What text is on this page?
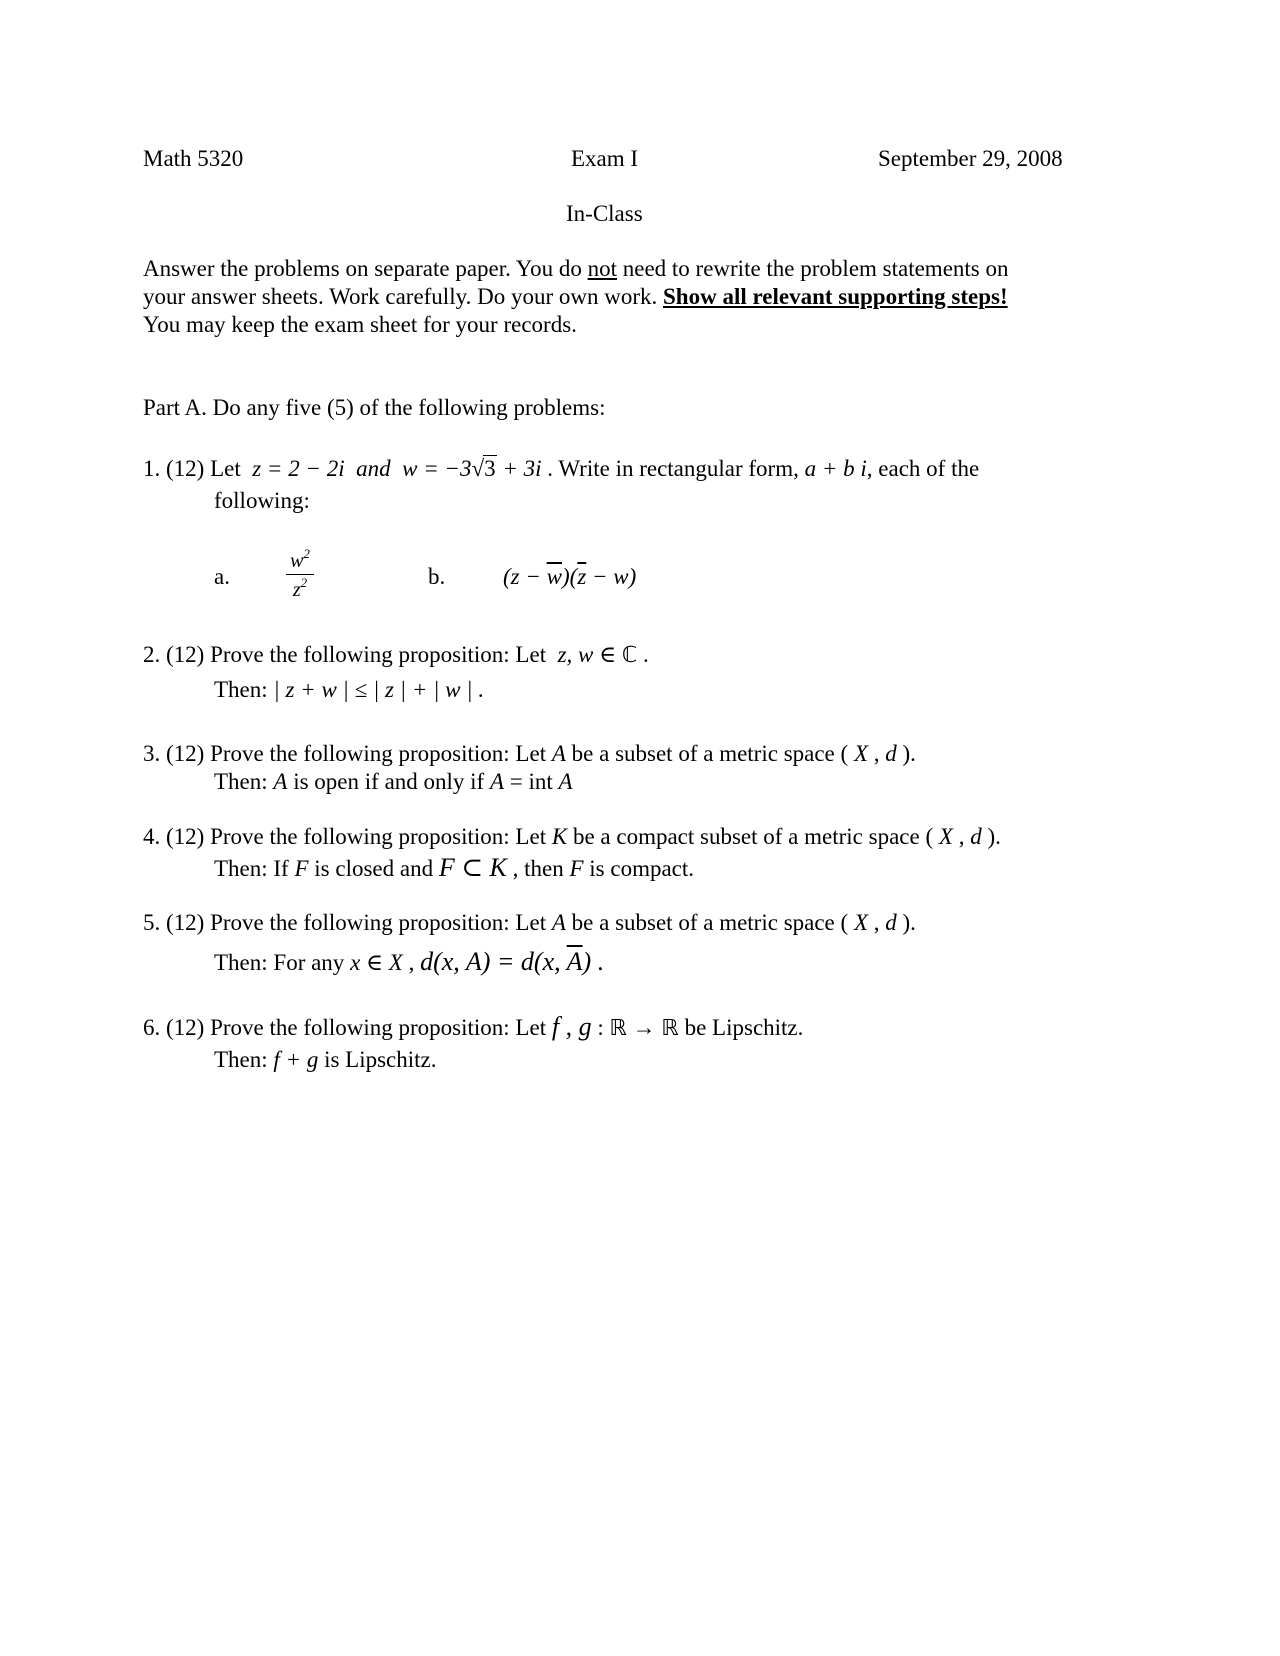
Math 5320	Exam I	September 29, 2008
In-Class
Answer the problems on separate paper. You do not need to rewrite the problem statements on
your answer sheets. Work carefully. Do your own work. Show all relevant supporting steps!
You may keep the exam sheet for your records.
Part A. Do any five (5) of the following problems:
1. (12) Let z = 2 − 2i and w = −3√3 + 3i . Write in rectangular form, a + b i, each of the
following:
a.
$w^2$
$z^2$	b.	$(z - \overline{w})(\overline{z} - w)$
2. (12) Prove the following proposition: Let z, w ∈ ℂ .
Then: | z + w | ≤ | z | + | w | .
3. (12) Prove the following proposition: Let A be a subset of a metric space ( X , d ).
Then: A is open if and only if A = int A
4. (12) Prove the following proposition: Let K be a compact subset of a metric space ( X , d ).
Then: If F is closed and F ⊂ K , then F is compact.
5. (12) Prove the following proposition: Let A be a subset of a metric space ( X , d ).
Then: For any x ∈ X , d(x, A) = d(x, $\overline{A}$) .
6. (12) Prove the following proposition: Let f , g : ℝ → ℝ be Lipschitz.
Then: f + g is Lipschitz.
